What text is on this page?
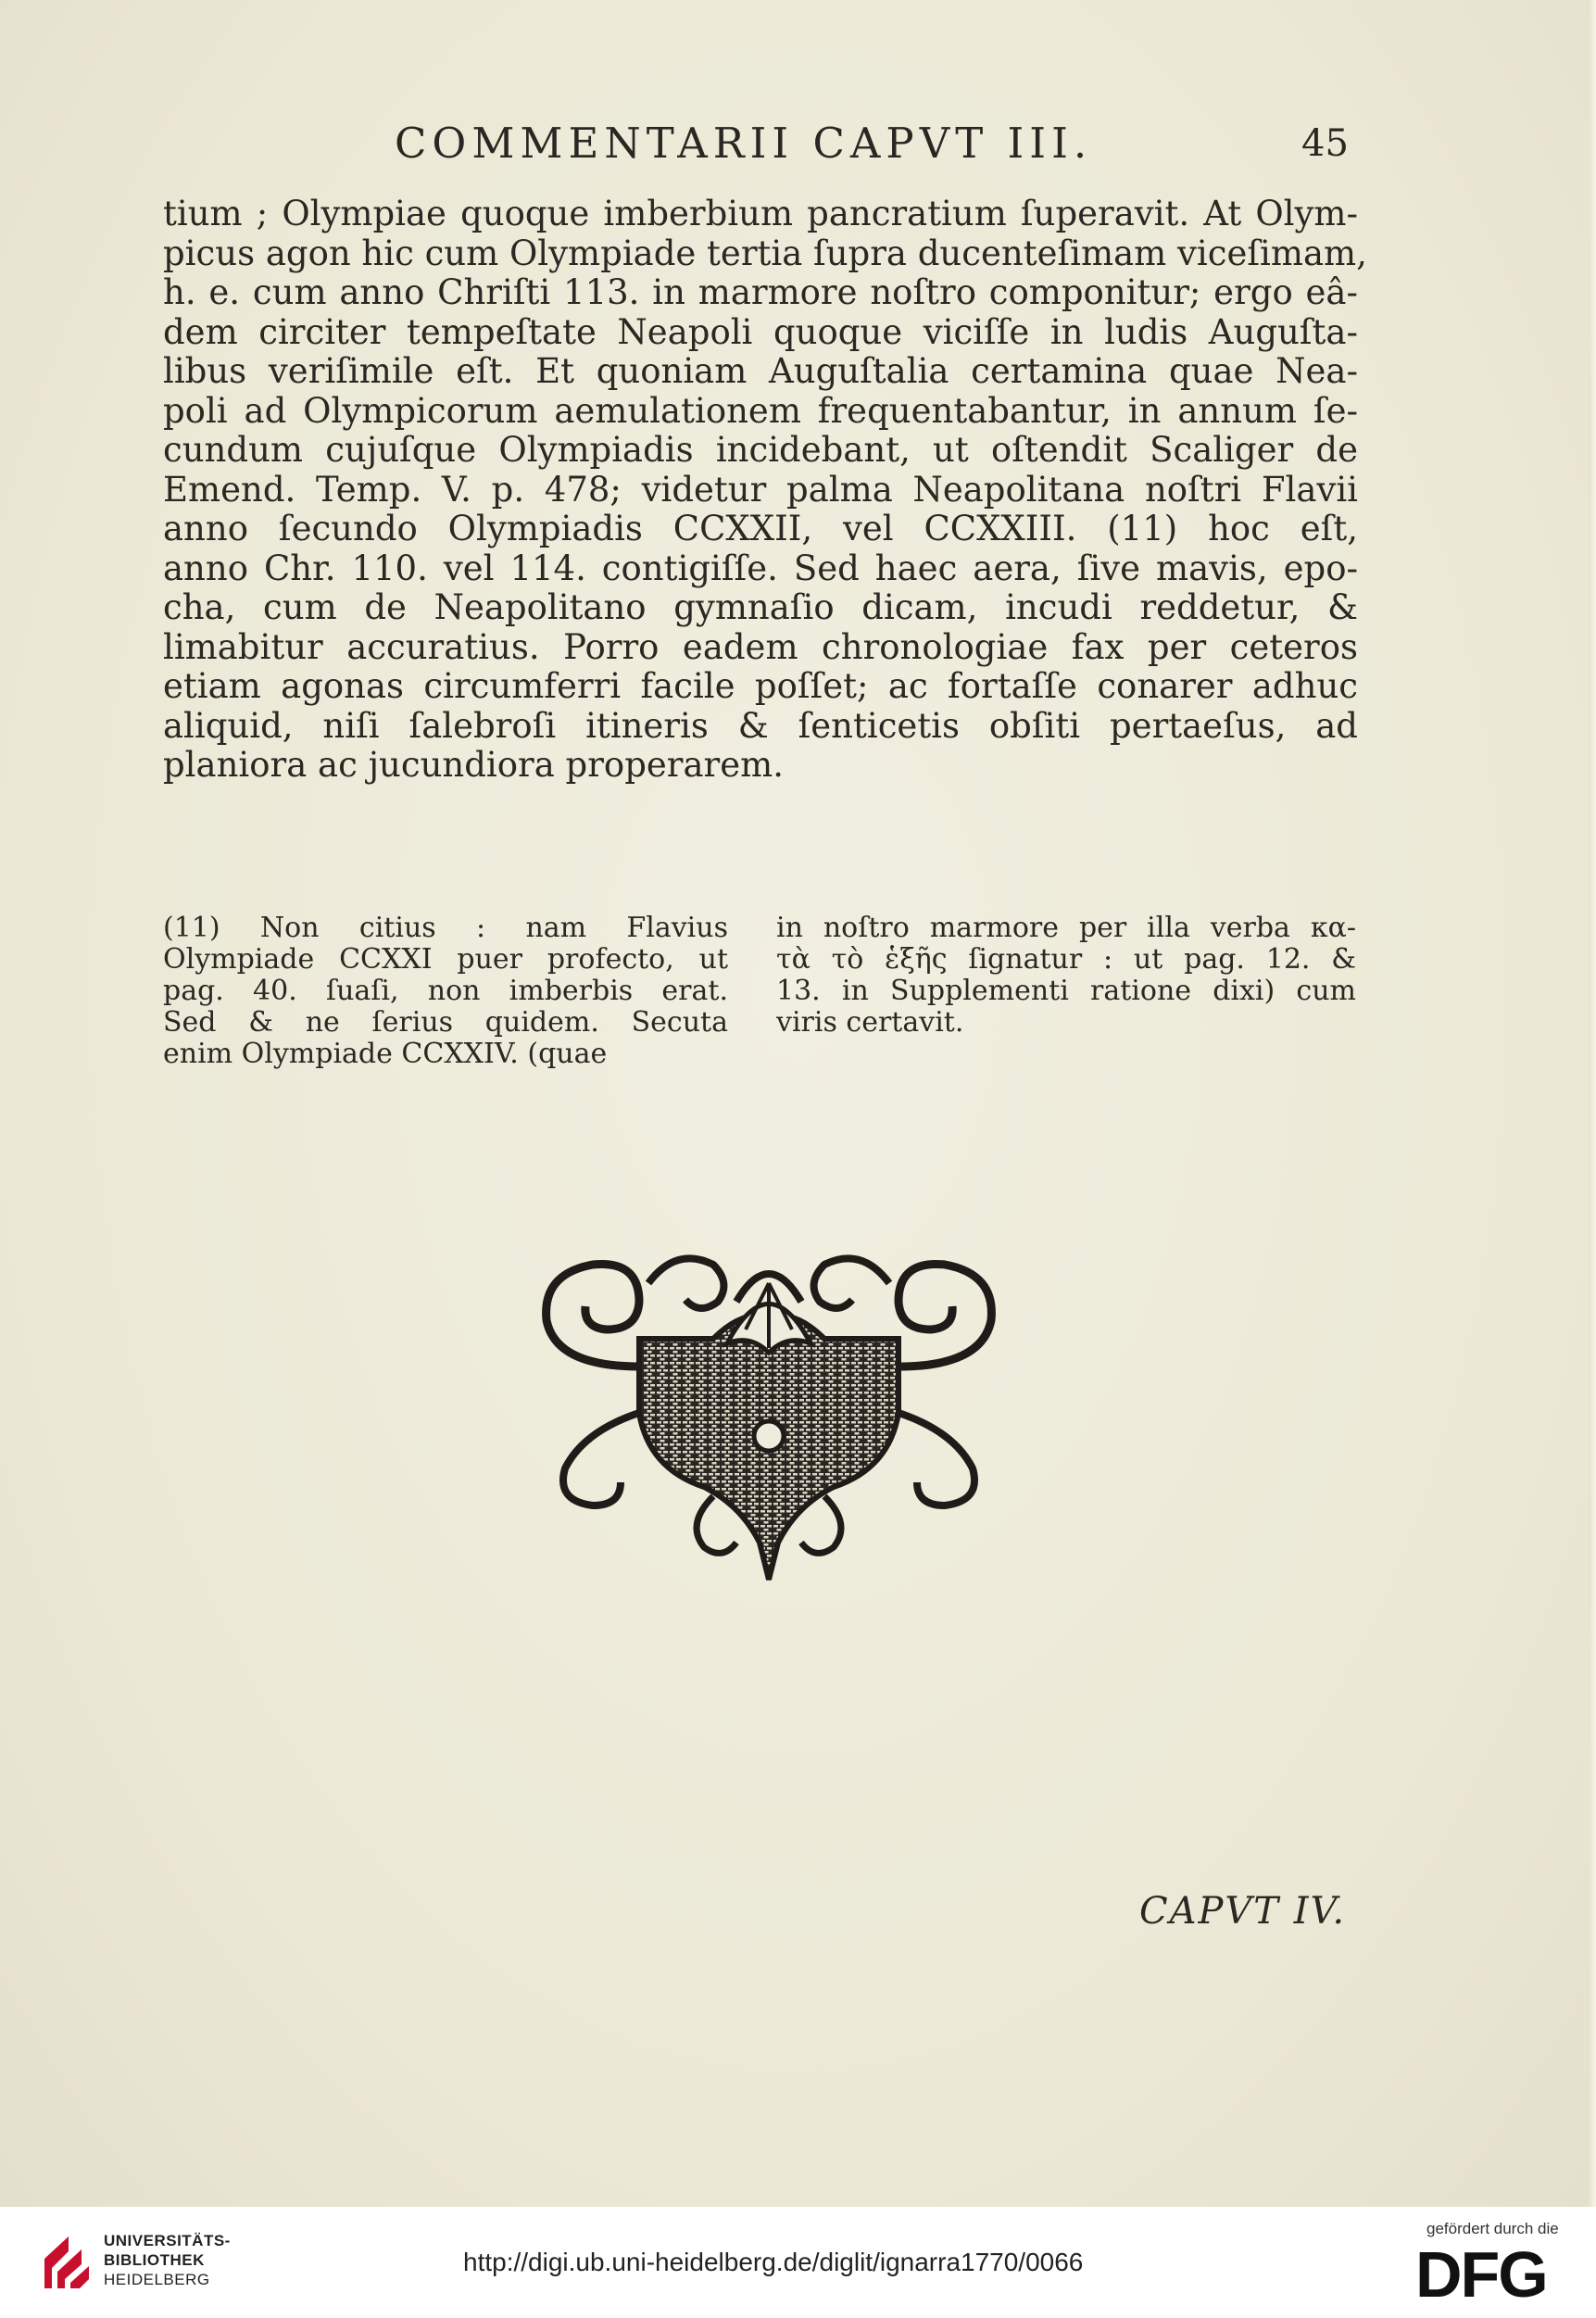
COMMENTARII CAPVT III.	45
tium ; Olympiae quoque imberbium pancratium ſuperavit. At Olym-
picus agon hic cum Olympiade tertia ſupra ducenteſimam viceſimam,
h. e. cum anno Chriſti 113. in marmore noſtro componitur; ergo eâ-
dem circiter tempeſtate Neapoli quoque viciſſe in ludis Auguſta-
libus veriſimile eſt. Et quoniam Auguſtalia certamina quae Nea-
poli ad Olympicorum aemulationem frequentabantur, in annum ſe-
cundum cujuſque Olympiadis incidebant, ut oſtendit Scaliger de
Emend. Temp. V. p. 478; videtur palma Neapolitana noſtri Flavii
anno ſecundo Olympiadis CCXXII, vel CCXXIII. (11) hoc eſt,
anno Chr. 110. vel 114. contigiſſe. Sed haec aera, ſive mavis, epo-
cha, cum de Neapolitano gymnaſio dicam, incudi reddetur, &
limabitur accuratius. Porro eadem chronologiae fax per ceteros
etiam agonas circumferri facile poſſet; ac fortaſſe conarer adhuc
aliquid, niſi ſalebroſi itineris & ſenticetis obſiti pertaeſus, ad
planiora ac jucundiora properarem.
(11) Non citius : nam Flavius
Olympiade CCXXI puer profecto, ut
pag. 40. ſuaſi, non imberbis erat.
Sed & ne ſerius quidem. Secuta
enim Olympiade CCXXIV. (quae
in noſtro marmore per illa verba κα-
τὰ τὸ ἑξῆς ſignatur : ut pag. 12. &
13. in Supplementi ratione dixi) cum
viris certavit.
CAPVT IV.
UNIVERSITÄTS-
BIBLIOTHEK
HEIDELBERG
http://digi.ub.uni-heidelberg.de/diglit/ignarra1770/0066
gefördert durch die
DFG
